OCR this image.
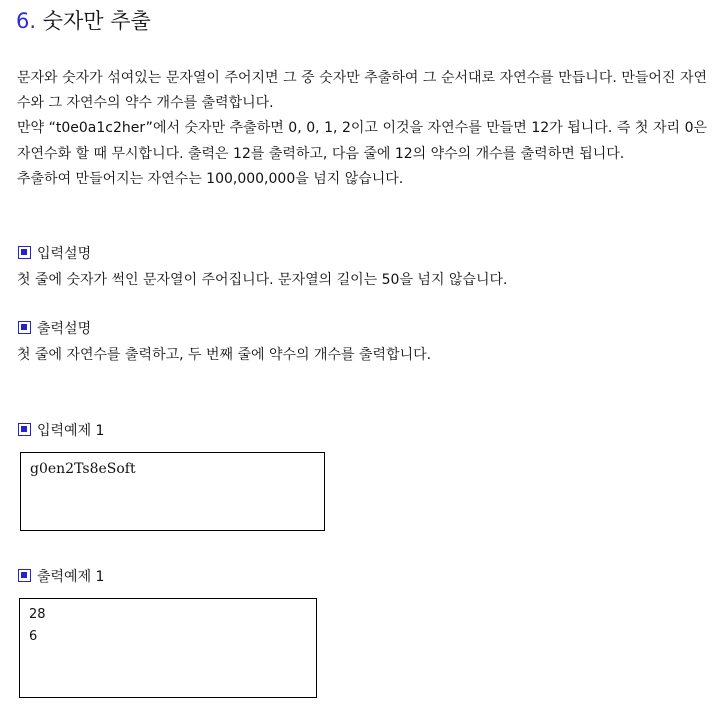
6. 숫자만 추출

문자와 숫자가 섞여있는 문자열이 주어지면 그 중 숫자만 추출하여 그 순서대로 자연수를 만듭니다. 만들어진 자연수와 그 자연수의 약수 개수를 출력합니다.

만약 “t0e0a1c2her”에서 숫자만 추출하면 0, 0, 1, 2이고 이것을 자연수를 만들면 12가 됩니다. 즉 첫 자리 0은 자연수화 할 때 무시합니다. 출력은 12를 출력하고, 다음 줄에 12의 약수의 개수를 출력하면 됩니다.

추출하여 만들어지는 자연수는 100,000,000을 넘지 않습니다.

입력설명
첫 줄에 숫자가 썩인 문자열이 주어집니다. 문자열의 길이는 50을 넘지 않습니다.
출력설명
첫 줄에 자연수를 출력하고, 두 번째 줄에 약수의 개수를 출력합니다.
입력예제 1
g0en2Ts8eSoft
출력예제 1
28
6
